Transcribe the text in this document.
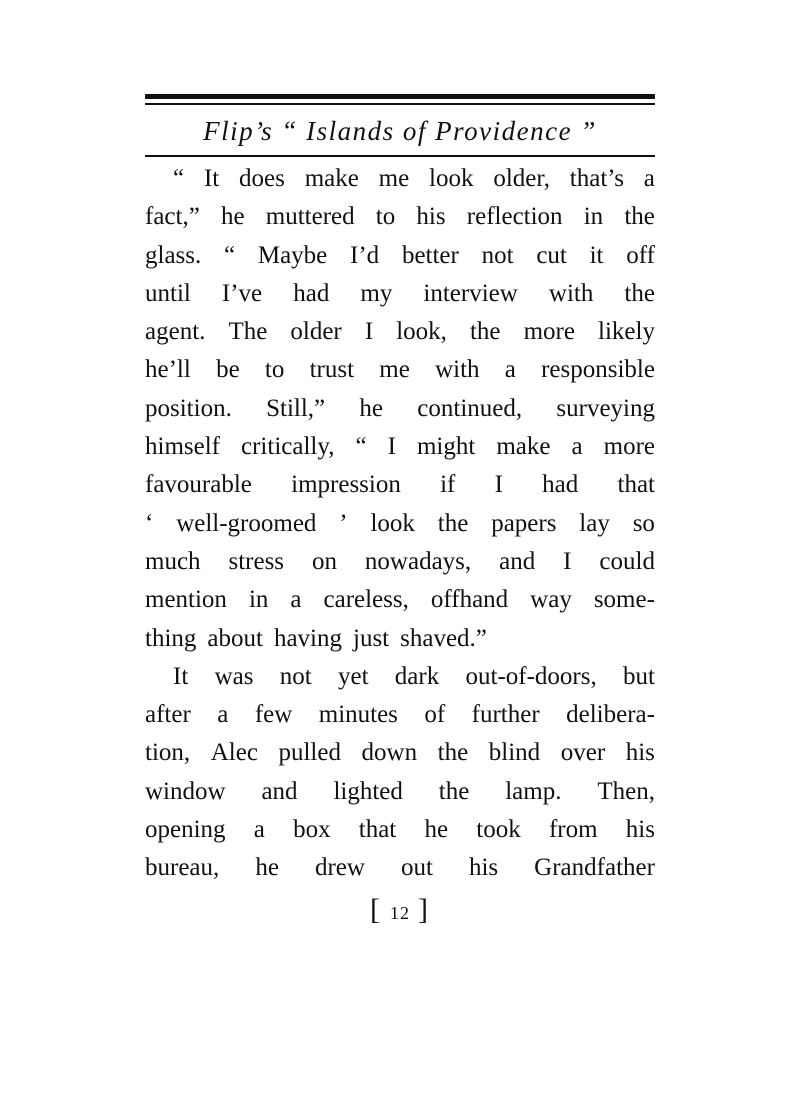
Flip’s “ Islands of Providence ”
“ It does make me look older, that’s a
fact,” he muttered to his reflection in the
glass. “ Maybe I’d better not cut it off
until I’ve had my interview with the
agent. The older I look, the more likely
he’ll be to trust me with a responsible
position. Still,” he continued, surveying
himself critically, “ I might make a more
favourable impression if I had that
‘ well-groomed ’ look the papers lay so
much stress on nowadays, and I could
mention in a careless, offhand way some-
thing about having just shaved.”
It was not yet dark out-of-doors, but
after a few minutes of further delibera-
tion, Alec pulled down the blind over his
window and lighted the lamp. Then,
opening a box that he took from his
bureau, he drew out his Grandfather
[ 12 ]
